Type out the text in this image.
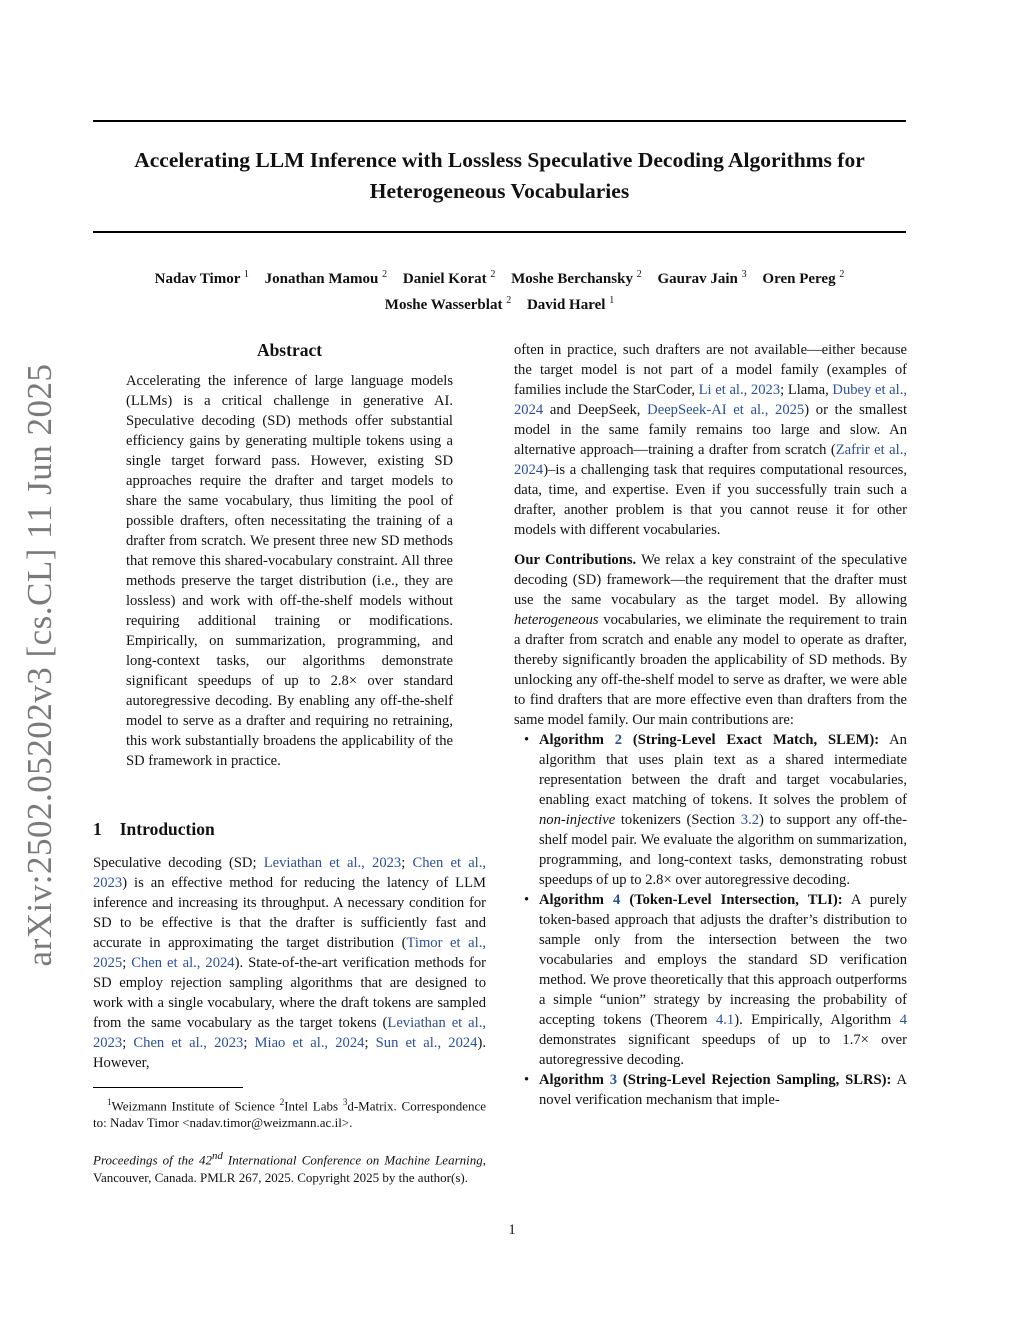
Accelerating LLM Inference with Lossless Speculative Decoding Algorithms for
Heterogeneous Vocabularies
Nadav Timor $^1$ Jonathan Mamou $^2$ Daniel Korat $^2$ Moshe Berchansky $^2$ Gaurav Jain $^3$ Oren Pereg $^2$
Moshe Wasserblat $^2$ David Harel $^1$
arXiv:2502.05202v3 [cs.CL] 11 Jun 2025
Abstract

Accelerating the inference of large language models (LLMs) is a critical challenge in generative AI. Speculative decoding (SD) methods offer substantial efficiency gains by generating multiple tokens using a single target forward pass. However, existing SD approaches require the drafter and target models to share the same vocabulary, thus limiting the pool of possible drafters, often necessitating the training of a drafter from scratch. We present three new SD methods that remove this shared-vocabulary constraint. All three methods preserve the target distribution (i.e., they are lossless) and work with off-the-shelf models without requiring additional training or modifications. Empirically, on summarization, programming, and long-context tasks, our algorithms demonstrate significant speedups of up to 2.8× over standard autoregressive decoding. By enabling any off-the-shelf model to serve as a drafter and requiring no retraining, this work substantially broadens the applicability of the SD framework in practice.

1 Introduction

Speculative decoding (SD; Leviathan et al., 2023; Chen et al., 2023) is an effective method for reducing the latency of LLM inference and increasing its throughput. A necessary condition for SD to be effective is that the drafter is sufficiently fast and accurate in approximating the target distribution (Timor et al., 2025; Chen et al., 2024). State-of-the-art verification methods for SD employ rejection sampling algorithms that are designed to work with a single vocabulary, where the draft tokens are sampled from the same vocabulary as the target tokens (Leviathan et al., 2023; Chen et al., 2023; Miao et al., 2024; Sun et al., 2024). However,

$^1$Weizmann Institute of Science $^2$Intel Labs $^3$d-Matrix. Correspondence to: Nadav Timor <nadav.timor@weizmann.ac.il>.

Proceedings of the 42nd International Conference on Machine Learning, Vancouver, Canada. PMLR 267, 2025. Copyright 2025 by the author(s).

often in practice, such drafters are not available—either because the target model is not part of a model family (examples of families include the StarCoder, Li et al., 2023; Llama, Dubey et al., 2024 and DeepSeek, DeepSeek-AI et al., 2025) or the smallest model in the same family remains too large and slow. An alternative approach—training a drafter from scratch (Zafrir et al., 2024)–is a challenging task that requires computational resources, data, time, and expertise. Even if you successfully train such a drafter, another problem is that you cannot reuse it for other models with different vocabularies.

Our Contributions. We relax a key constraint of the speculative decoding (SD) framework—the requirement that the drafter must use the same vocabulary as the target model. By allowing heterogeneous vocabularies, we eliminate the requirement to train a drafter from scratch and enable any model to operate as drafter, thereby significantly broaden the applicability of SD methods. By unlocking any off-the-shelf model to serve as drafter, we were able to find drafters that are more effective even than drafters from the same model family. Our main contributions are:

• Algorithm 2 (String-Level Exact Match, SLEM): An algorithm that uses plain text as a shared intermediate representation between the draft and target vocabularies, enabling exact matching of tokens. It solves the problem of non-injective tokenizers (Section 3.2) to support any off-the-shelf model pair. We evaluate the algorithm on summarization, programming, and long-context tasks, demonstrating robust speedups of up to 2.8× over autoregressive decoding.
• Algorithm 4 (Token-Level Intersection, TLI): A purely token-based approach that adjusts the drafter’s distribution to sample only from the intersection between the two vocabularies and employs the standard SD verification method. We prove theoretically that this approach outperforms a simple “union” strategy by increasing the probability of accepting tokens (Theorem 4.1). Empirically, Algorithm 4 demonstrates significant speedups of up to 1.7× over autoregressive decoding.
• Algorithm 3 (String-Level Rejection Sampling, SLRS): A novel verification mechanism that imple-
1
